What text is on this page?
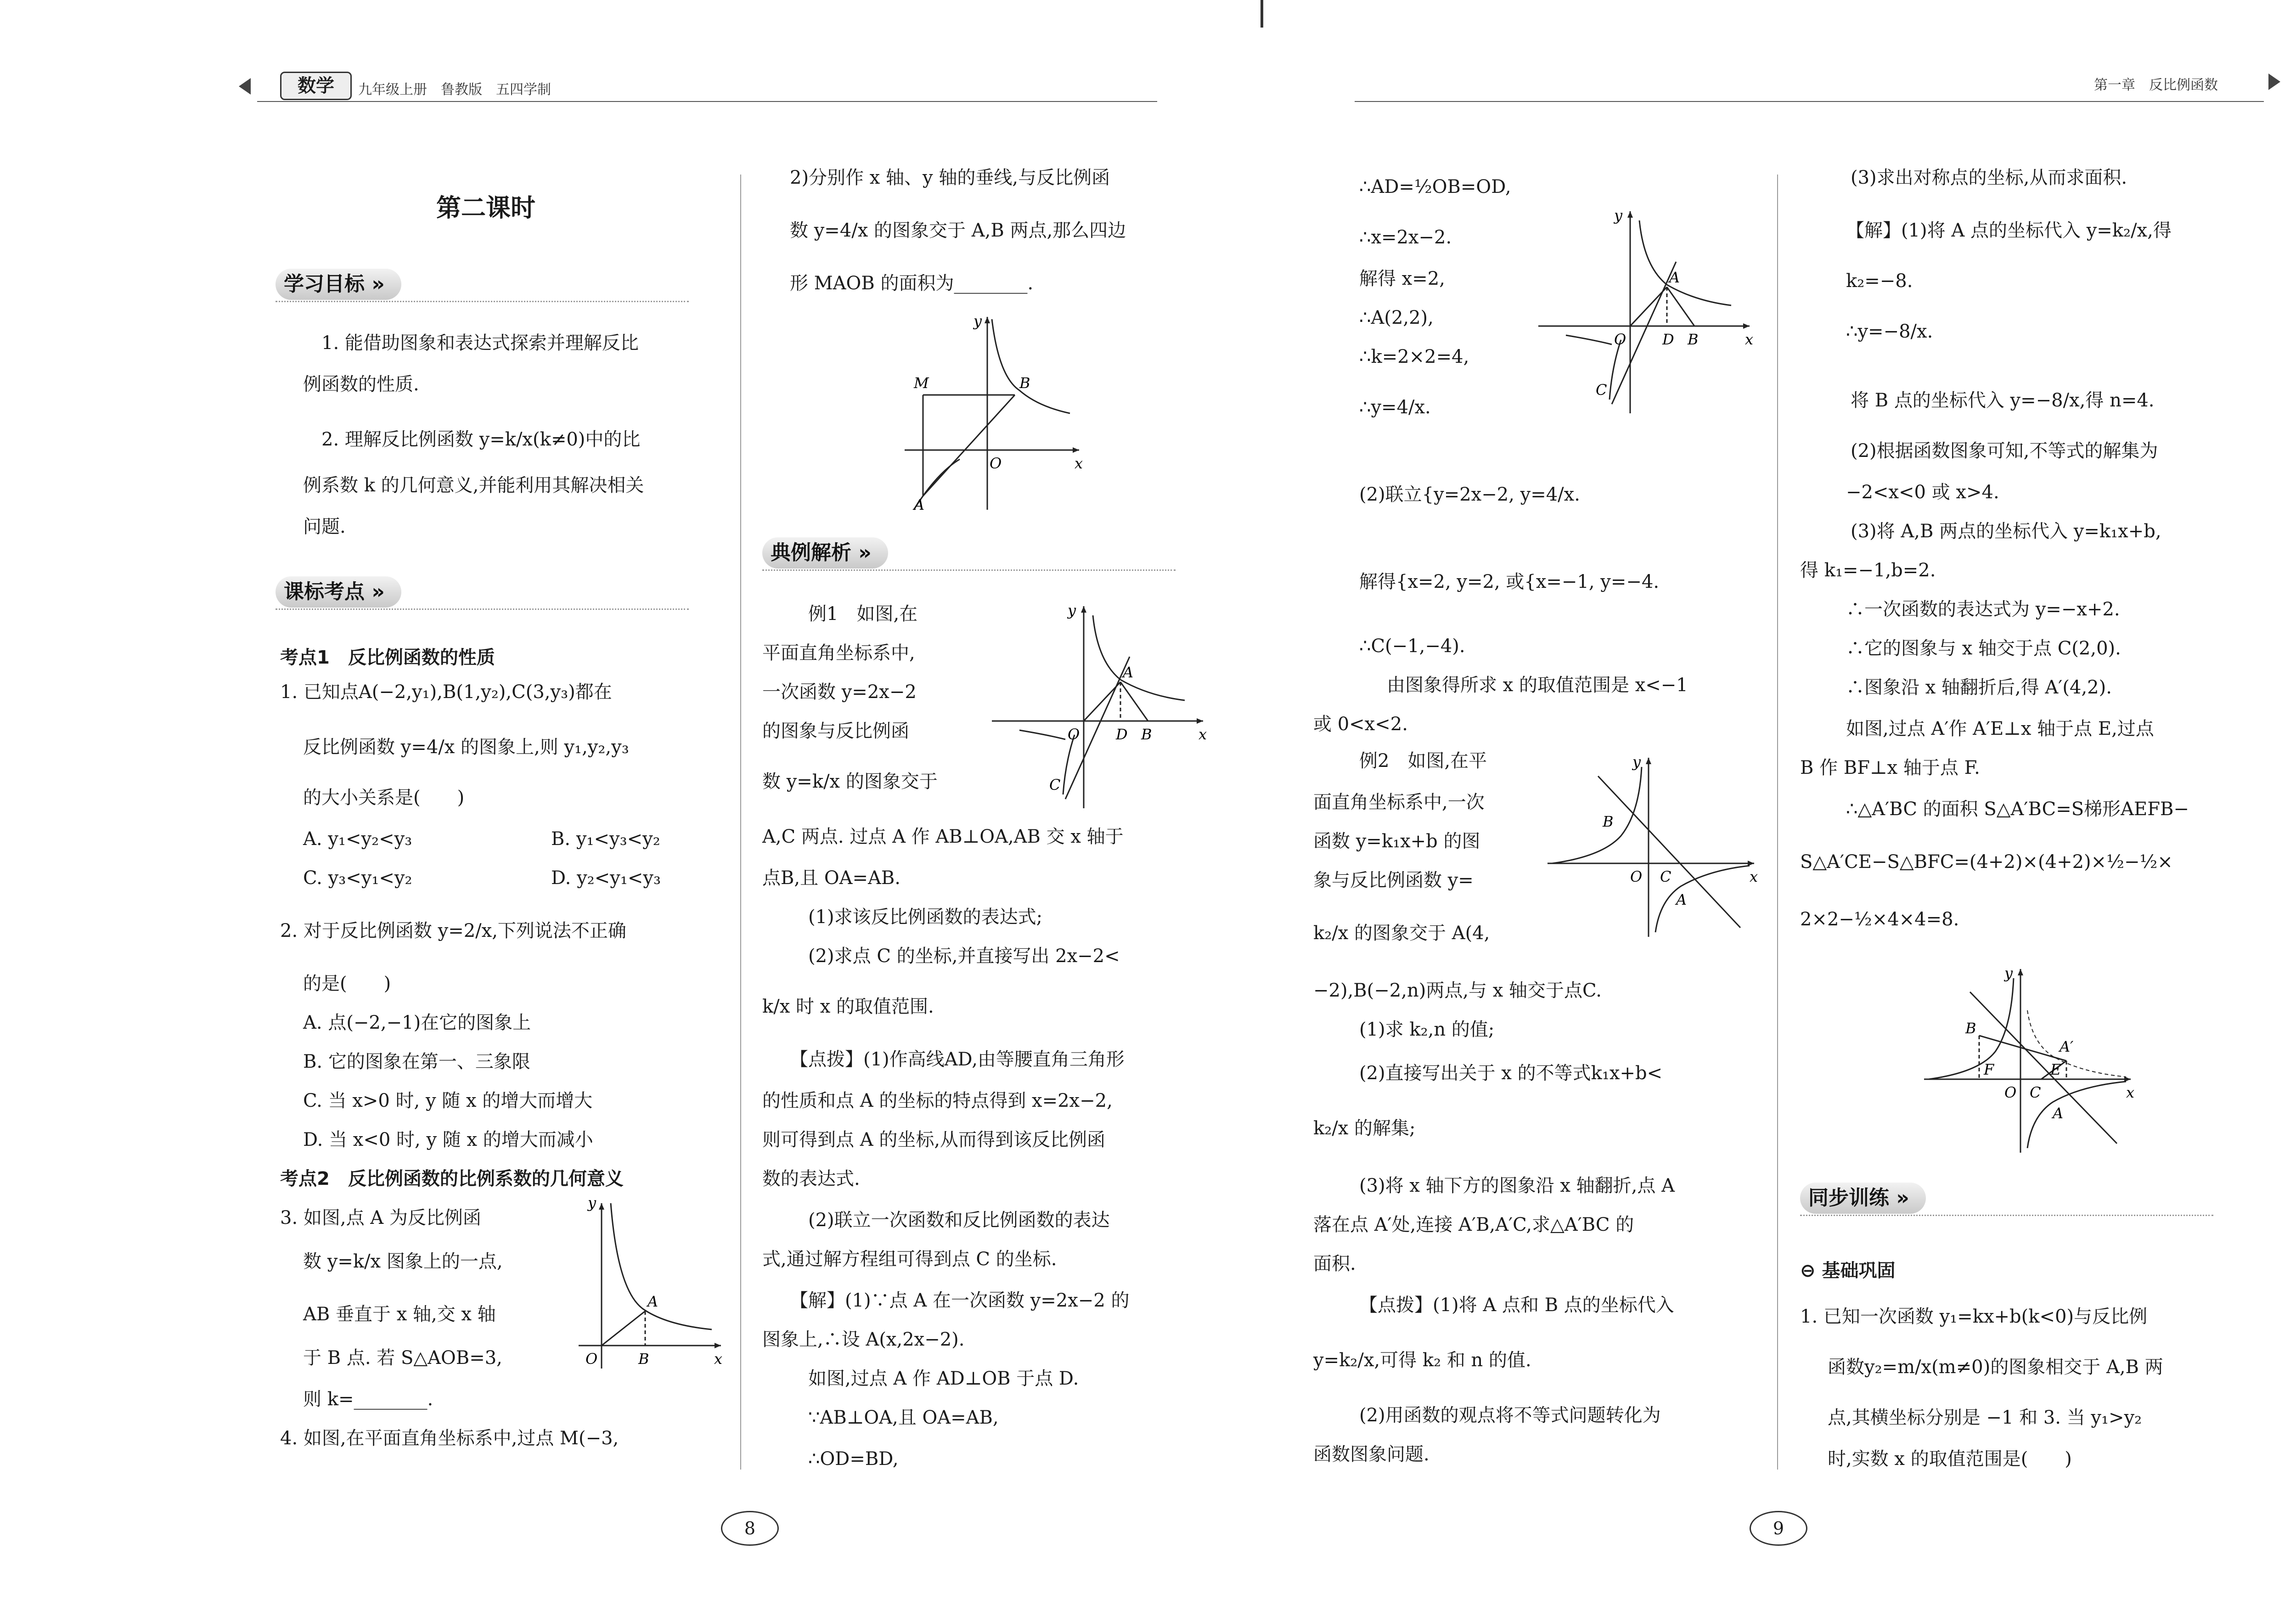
数学	九年级上册　鲁教版　五四学制	第一章　反比例函数
第二课时
学习目标 »
1. 能借助图象和表达式探索并理解反比
例函数的性质.
2. 理解反比例函数 y=k/x(k≠0)中的比
例系数 k 的几何意义,并能利用其解决相关
问题.
课标考点 »
考点1　反比例函数的性质
1. 已知点A(−2,y₁),B(1,y₂),C(3,y₃)都在
反比例函数 y=4/x 的图象上,则 y₁,y₂,y₃
的大小关系是(　　)
A. y₁<y₂<y₃	B. y₁<y₃<y₂
C. y₃<y₁<y₂	D. y₂<y₁<y₃
2. 对于反比例函数 y=2/x,下列说法不正确
的是(　　)
A. 点(−2,−1)在它的图象上
B. 它的图象在第一、三象限
C. 当 x>0 时, y 随 x 的增大而增大
D. 当 x<0 时, y 随 x 的增大而减小
考点2　反比例函数的比例系数的几何意义
3. 如图,点 A 为反比例函
数 y=k/x 图象上的一点,
AB 垂直于 x 轴,交 x 轴
于 B 点. 若 S△AOB=3,
则 k=________.
4. 如图,在平面直角坐标系中,过点 M(−3,
y
x
O
A
B
2)分别作 x 轴、y 轴的垂线,与反比例函
数 y=4/x 的图象交于 A,B 两点,那么四边
形 MAOB 的面积为________.
y
x
O
M
A
B
典例解析 »
例1　如图,在
平面直角坐标系中,
一次函数 y=2x−2
的图象与反比例函
数 y=k/x 的图象交于
A,C 两点. 过点 A 作 AB⊥OA,AB 交 x 轴于
点B,且 OA=AB.
(1)求该反比例函数的表达式;
(2)求点 C 的坐标,并直接写出 2x−2<
k/x 时 x 的取值范围.
y
x
O
A
D B
C
【点拨】(1)作高线AD,由等腰直角三角形
的性质和点 A 的坐标的特点得到 x=2x−2,
则可得到点 A 的坐标,从而得到该反比例函
数的表达式.
(2)联立一次函数和反比例函数的表达
式,通过解方程组可得到点 C 的坐标.
【解】(1)∵点 A 在一次函数 y=2x−2 的
图象上,∴设 A(x,2x−2).
如图,过点 A 作 AD⊥OB 于点 D.
∵AB⊥OA,且 OA=AB,
∴OD=BD,
8
∴AD=½OB=OD,
∴x=2x−2.
解得 x=2,
∴A(2,2),
∴k=2×2=4,
∴y=4/x.
(2)联立{y=2x−2, y=4/x.
解得{x=2, y=2, 或{x=−1, y=−4.
∴C(−1,−4).
由图象得所求 x 的取值范围是 x<−1
或 0<x<2.
y
x
O
A
D B
C
例2　如图,在平
面直角坐标系中,一次
函数 y=k₁x+b 的图
象与反比例函数 y=
k₂/x 的图象交于 A(4,
−2),B(−2,n)两点,与 x 轴交于点C.
(1)求 k₂,n 的值;
(2)直接写出关于 x 的不等式k₁x+b<
k₂/x 的解集;
(3)将 x 轴下方的图象沿 x 轴翻折,点 A
落在点 A′处,连接 A′B,A′C,求△A′BC 的
面积.
【点拨】(1)将 A 点和 B 点的坐标代入
y=k₂/x,可得 k₂ 和 n 的值.
(2)用函数的观点将不等式问题转化为
函数图象问题.
y
x
O
B
C
A
9
(3)求出对称点的坐标,从而求面积.
【解】(1)将 A 点的坐标代入 y=k₂/x,得
k₂=−8.
∴y=−8/x.
将 B 点的坐标代入 y=−8/x,得 n=4.
(2)根据函数图象可知,不等式的解集为
−2<x<0 或 x>4.
(3)将 A,B 两点的坐标代入 y=k₁x+b,
得 k₁=−1,b=2.
∴一次函数的表达式为 y=−x+2.
∴它的图象与 x 轴交于点 C(2,0).
∴图象沿 x 轴翻折后,得 A′(4,2).
如图,过点 A′作 A′E⊥x 轴于点 E,过点
B 作 BF⊥x 轴于点 F.
∴△A′BC 的面积 S△A′BC=S梯形AEFB−
S△A′CE−S△BFC=(4+2)×(4+2)×½−½×
2×2−½×4×4=8.
y
x
O
B
A′
F	E
C
A
同步训练 »
⊖ 基础巩固
1. 已知一次函数 y₁=kx+b(k<0)与反比例
函数y₂=m/x(m≠0)的图象相交于 A,B 两
点,其横坐标分别是 −1 和 3. 当 y₁>y₂
时,实数 x 的取值范围是(　　)
